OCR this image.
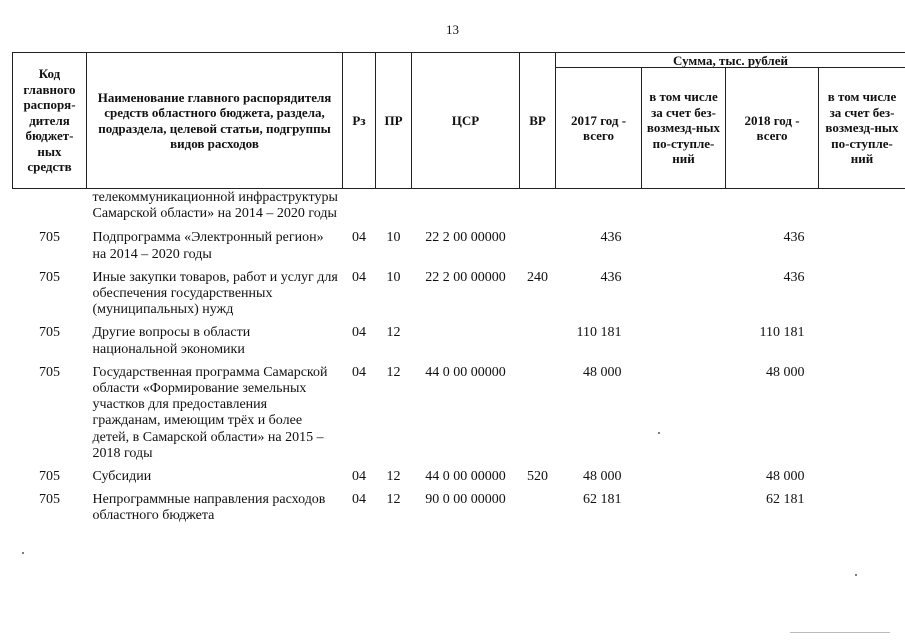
13
Код главного распоря-дителя бюджет-ных средств	Наименование главного распорядителя средств областного бюджета, раздела, подраздела, целевой статьи, подгруппы видов расходов	Рз	ПР	ЦСР	ВР	Сумма, тыс. рублей			
						2017 год - всего	в том числе за счет без-возмезд-ных по-ступле-ний	2018 год - всего	в том числе за счет без-возмезд-ных по-ступле-ний
	телекоммуникационной инфраструктуры Самарской области» на 2014 – 2020 годы								
705	Подпрограмма «Электронный регион» на 2014 – 2020 годы	04	10	22 2 00 00000		436		436	
705	Иные закупки товаров, работ и услуг для обеспечения государственных (муниципальных) нужд	04	10	22 2 00 00000	240	436		436	
705	Другие вопросы в области национальной экономики	04	12			110 181		110 181	
705	Государственная программа Самарской области «Формирование земельных участков для предоставления гражданам, имеющим трёх и более детей, в Самарской области» на 2015 – 2018 годы	04	12	44 0 00 00000		48 000		48 000	
705	Субсидии	04	12	44 0 00 00000	520	48 000		48 000	
705	Непрограммные направления расходов областного бюджета	04	12	90 0 00 00000		62 181		62 181	
